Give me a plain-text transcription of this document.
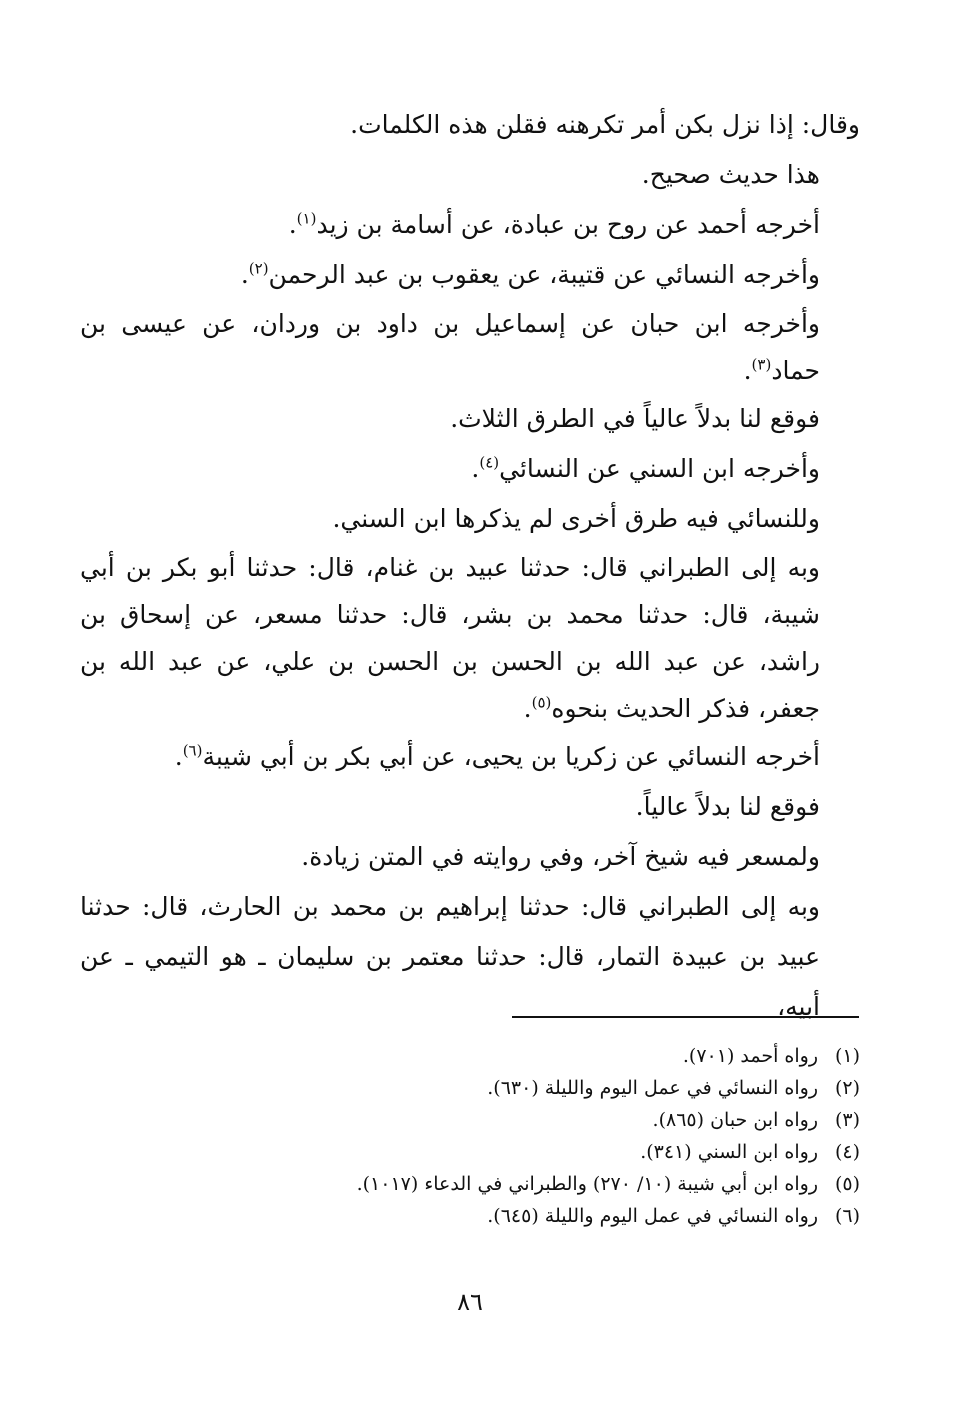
وقال: إذا نزل بكن أمر تكرهنه فقلن هذه الكلمات.

هذا حديث صحيح.

أخرجه أحمد عن روح بن عبادة، عن أسامة بن زيد$^{(١)}$.

وأخرجه النسائي عن قتيبة، عن يعقوب بن عبد الرحمن$^{(٢)}$.

وأخرجه ابن حبان عن إسماعيل بن داود بن وردان، عن عيسى بن حماد$^{(٣)}$.

فوقع لنا بدلاً عالياً في الطرق الثلاث.

وأخرجه ابن السني عن النسائي$^{(٤)}$.

وللنسائي فيه طرق أخرى لم يذكرها ابن السني.

وبه إلى الطبراني قال: حدثنا عبيد بن غنام، قال: حدثنا أبو بكر بن أبي شيبة، قال: حدثنا محمد بن بشر، قال: حدثنا مسعر، عن إسحاق بن راشد، عن عبد الله بن الحسن بن الحسن بن علي، عن عبد الله بن جعفر، فذكر الحديث بنحوه$^{(٥)}$.

أخرجه النسائي عن زكريا بن يحيى، عن أبي بكر بن أبي شيبة$^{(٦)}$.

فوقع لنا بدلاً عالياً.

ولمسعر فيه شيخ آخر، وفي روايته في المتن زيادة.

وبه إلى الطبراني قال: حدثنا إبراهيم بن محمد بن الحارث، قال: حدثنا عبيد بن عبيدة التمار، قال: حدثنا معتمر بن سليمان ـ هو التيمي ـ عن أبيه،

(١)
رواه أحمد (٧٠١).
(٢)
رواه النسائي في عمل اليوم والليلة (٦٣٠).
(٣)
رواه ابن حبان (٨٦٥).
(٤)
رواه ابن السني (٣٤١).
(٥)
رواه ابن أبي شيبة (١٠/ ٢٧٠) والطبراني في الدعاء (١٠١٧).
(٦)
رواه النسائي في عمل اليوم والليلة (٦٤٥).
٨٦
